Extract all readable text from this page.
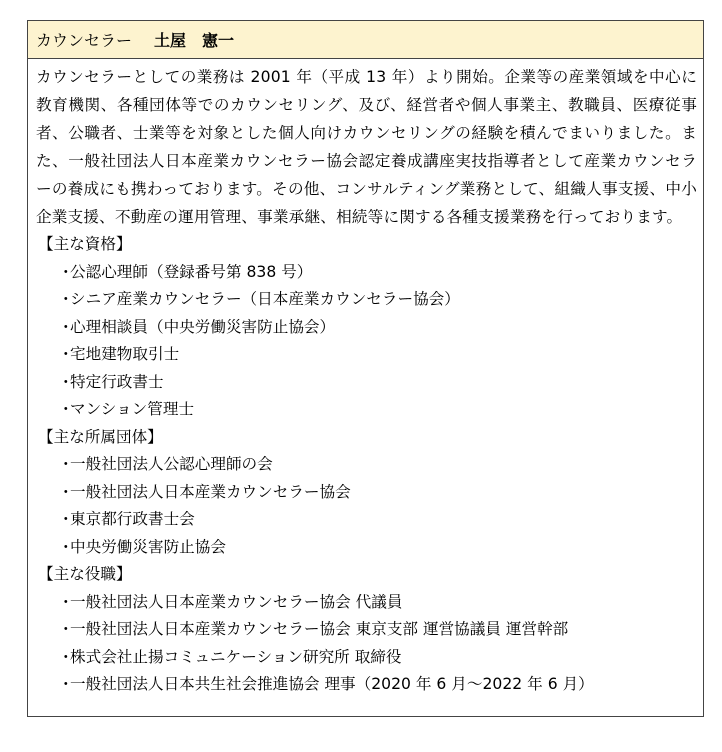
カウンセラー 土屋　憲一

カウンセラーとしての業務は 2001 年（平成 13 年）より開始。企業等の産業領域を中心に教育機関、各種団体等でのカウンセリング、及び、経営者や個人事業主、教職員、医療従事者、公職者、士業等を対象とした個人向けカウンセリングの経験を積んでまいりました。また、一般社団法人日本産業カウンセラー協会認定養成講座実技指導者として産業カウンセラーの養成にも携わっております。その他、コンサルティング業務として、組織人事支援、中小企業支援、不動産の運用管理、事業承継、相続等に関する各種支援業務を行っております。

【主な資格】

・公認心理師（登録番号第 838 号）
・シニア産業カウンセラー（日本産業カウンセラー協会）
・心理相談員（中央労働災害防止協会）
・宅地建物取引士
・特定行政書士
・マンション管理士

【主な所属団体】

・一般社団法人公認心理師の会
・一般社団法人日本産業カウンセラー協会
・東京都行政書士会
・中央労働災害防止協会

【主な役職】

・一般社団法人日本産業カウンセラー協会 代議員
・一般社団法人日本産業カウンセラー協会 東京支部 運営協議員 運営幹部
・株式会社止揚コミュニケーション研究所 取締役
・一般社団法人日本共生社会推進協会 理事（2020 年 6 月～2022 年 6 月）
